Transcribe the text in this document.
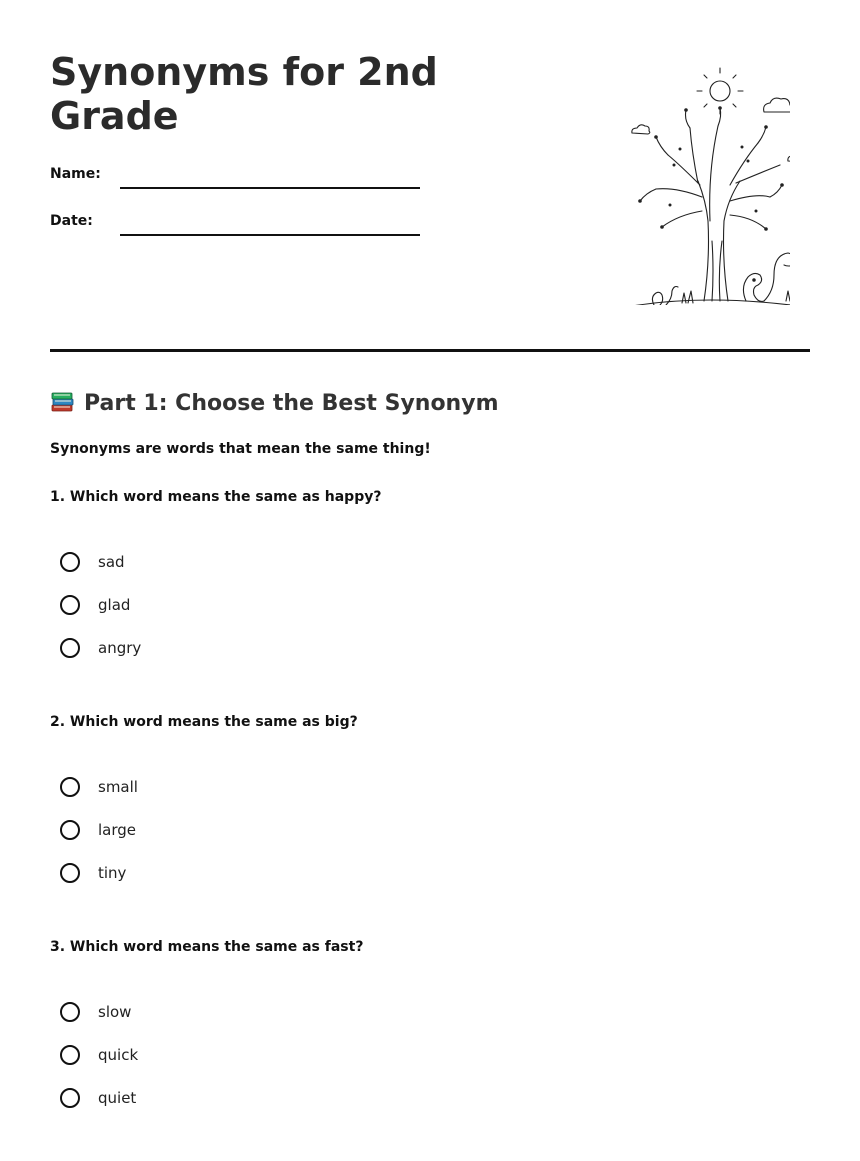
Synonyms for 2nd Grade
Name:
Date:
Part 1: Choose the Best Synonym
Synonyms are words that mean the same thing!
1. Which word means the same as happy?
sad
glad
angry
2. Which word means the same as big?
small
large
tiny
3. Which word means the same as fast?
slow
quick
quiet
